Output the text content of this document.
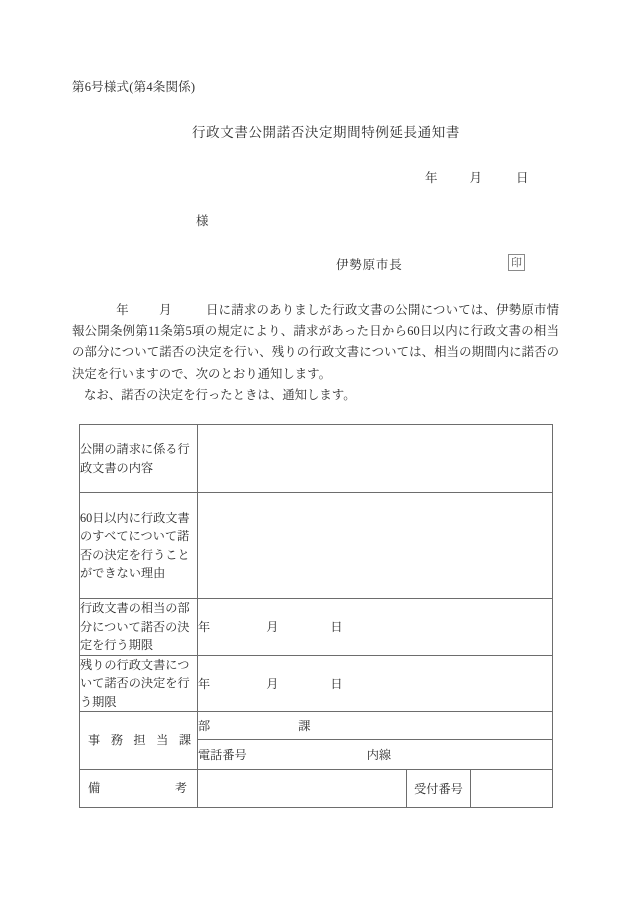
第6号様式(第4条関係)
行政文書公開諾否決定期間特例延長通知書
年	月	日
様
伊勢原市長	印

年 月	日に請求のありました行政文書の公開については、伊勢原市情報公開条例第11条第5項の規定により、請求があった日から60日以内に行政文書の相当の部分について諾否の決定を行い、残りの行政文書については、相当の期間内に諾否の決定を行いますので、次のとおり通知します。

なお、諾否の決定を行ったときは、通知します。

公開の請求に係る行政文書の内容			
60日以内に行政文書のすべてについて諾否の決定を行うことができない理由			
行政文書の相当の部分について諾否の決定を行う期限	年 月 日		
残りの行政文書について諾否の決定を行う期限	年 月 日		

事 務 担 当 課	部 課		
	電話番号 内線		

備 考		受付番号	
